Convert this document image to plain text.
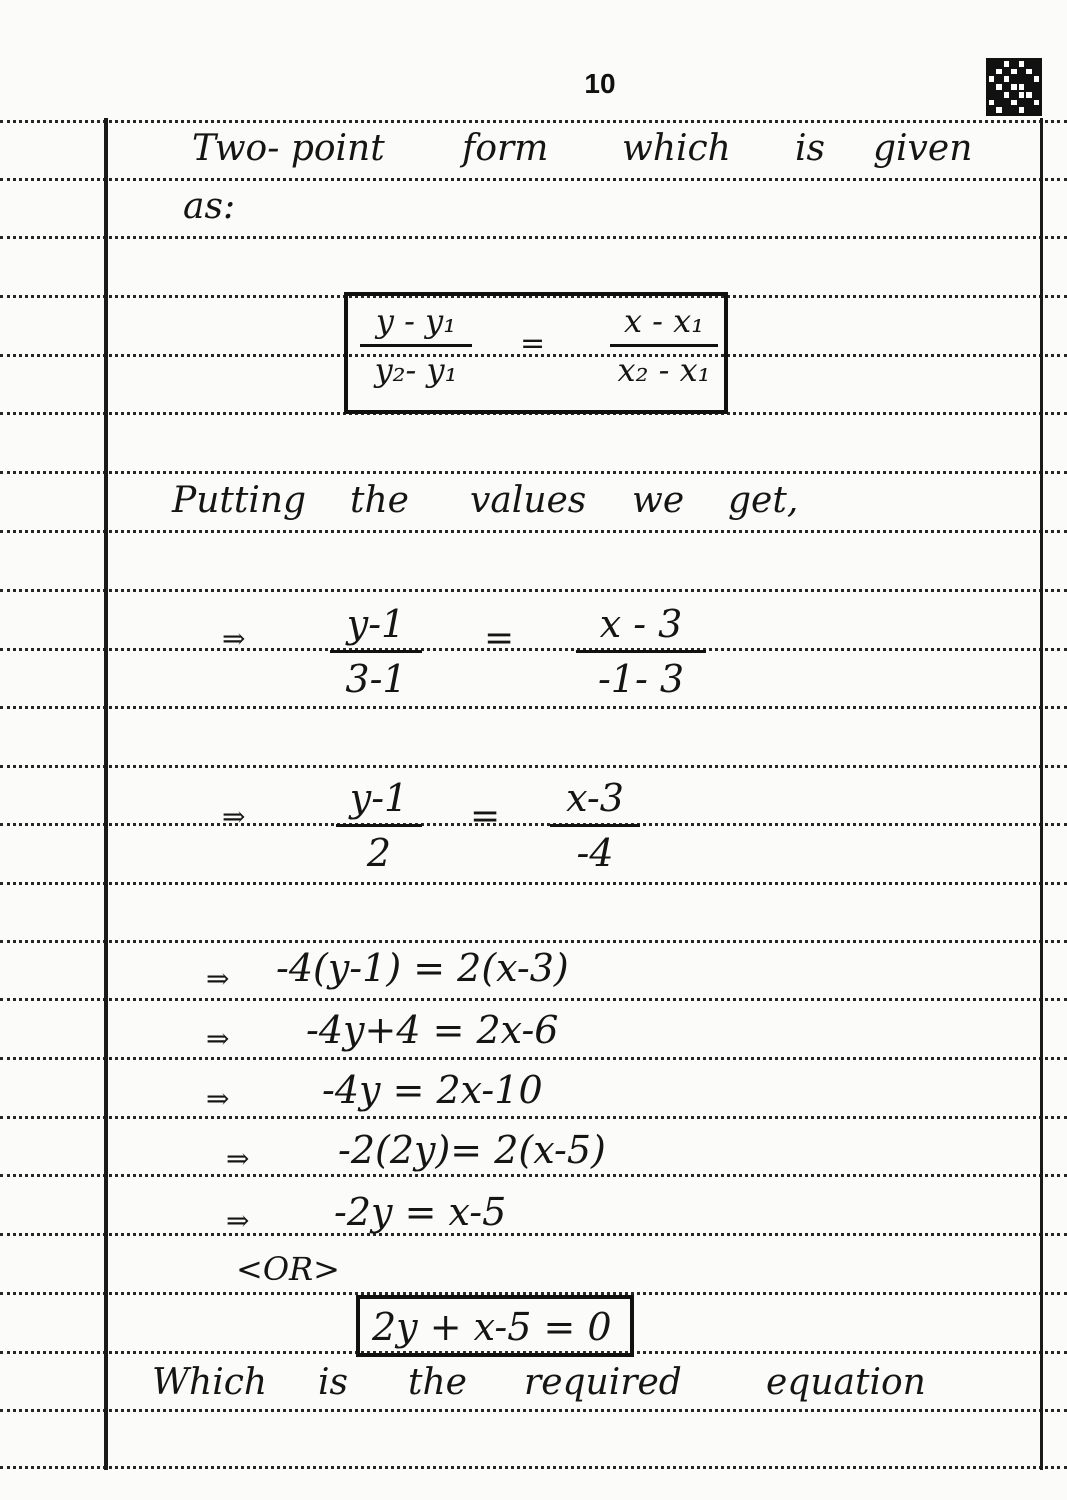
10
Two- point form which is given
as:
y - y₁
y₂- y₁
=
x - x₁
x₂ - x₁
Putting the values we get,
⇒	y-1
3-1
=	x - 3
-1- 3
⇒	y-1
2
=	x-3
-4
⇒ -4(y-1) = 2(x-3)
⇒ -4y+4 = 2x-6
⇒ -4y = 2x-10
⇒ -2(2y)= 2(x-5)
⇒ -2y = x-5
<OR>
2y + x-5 = 0
Which is the required equation
